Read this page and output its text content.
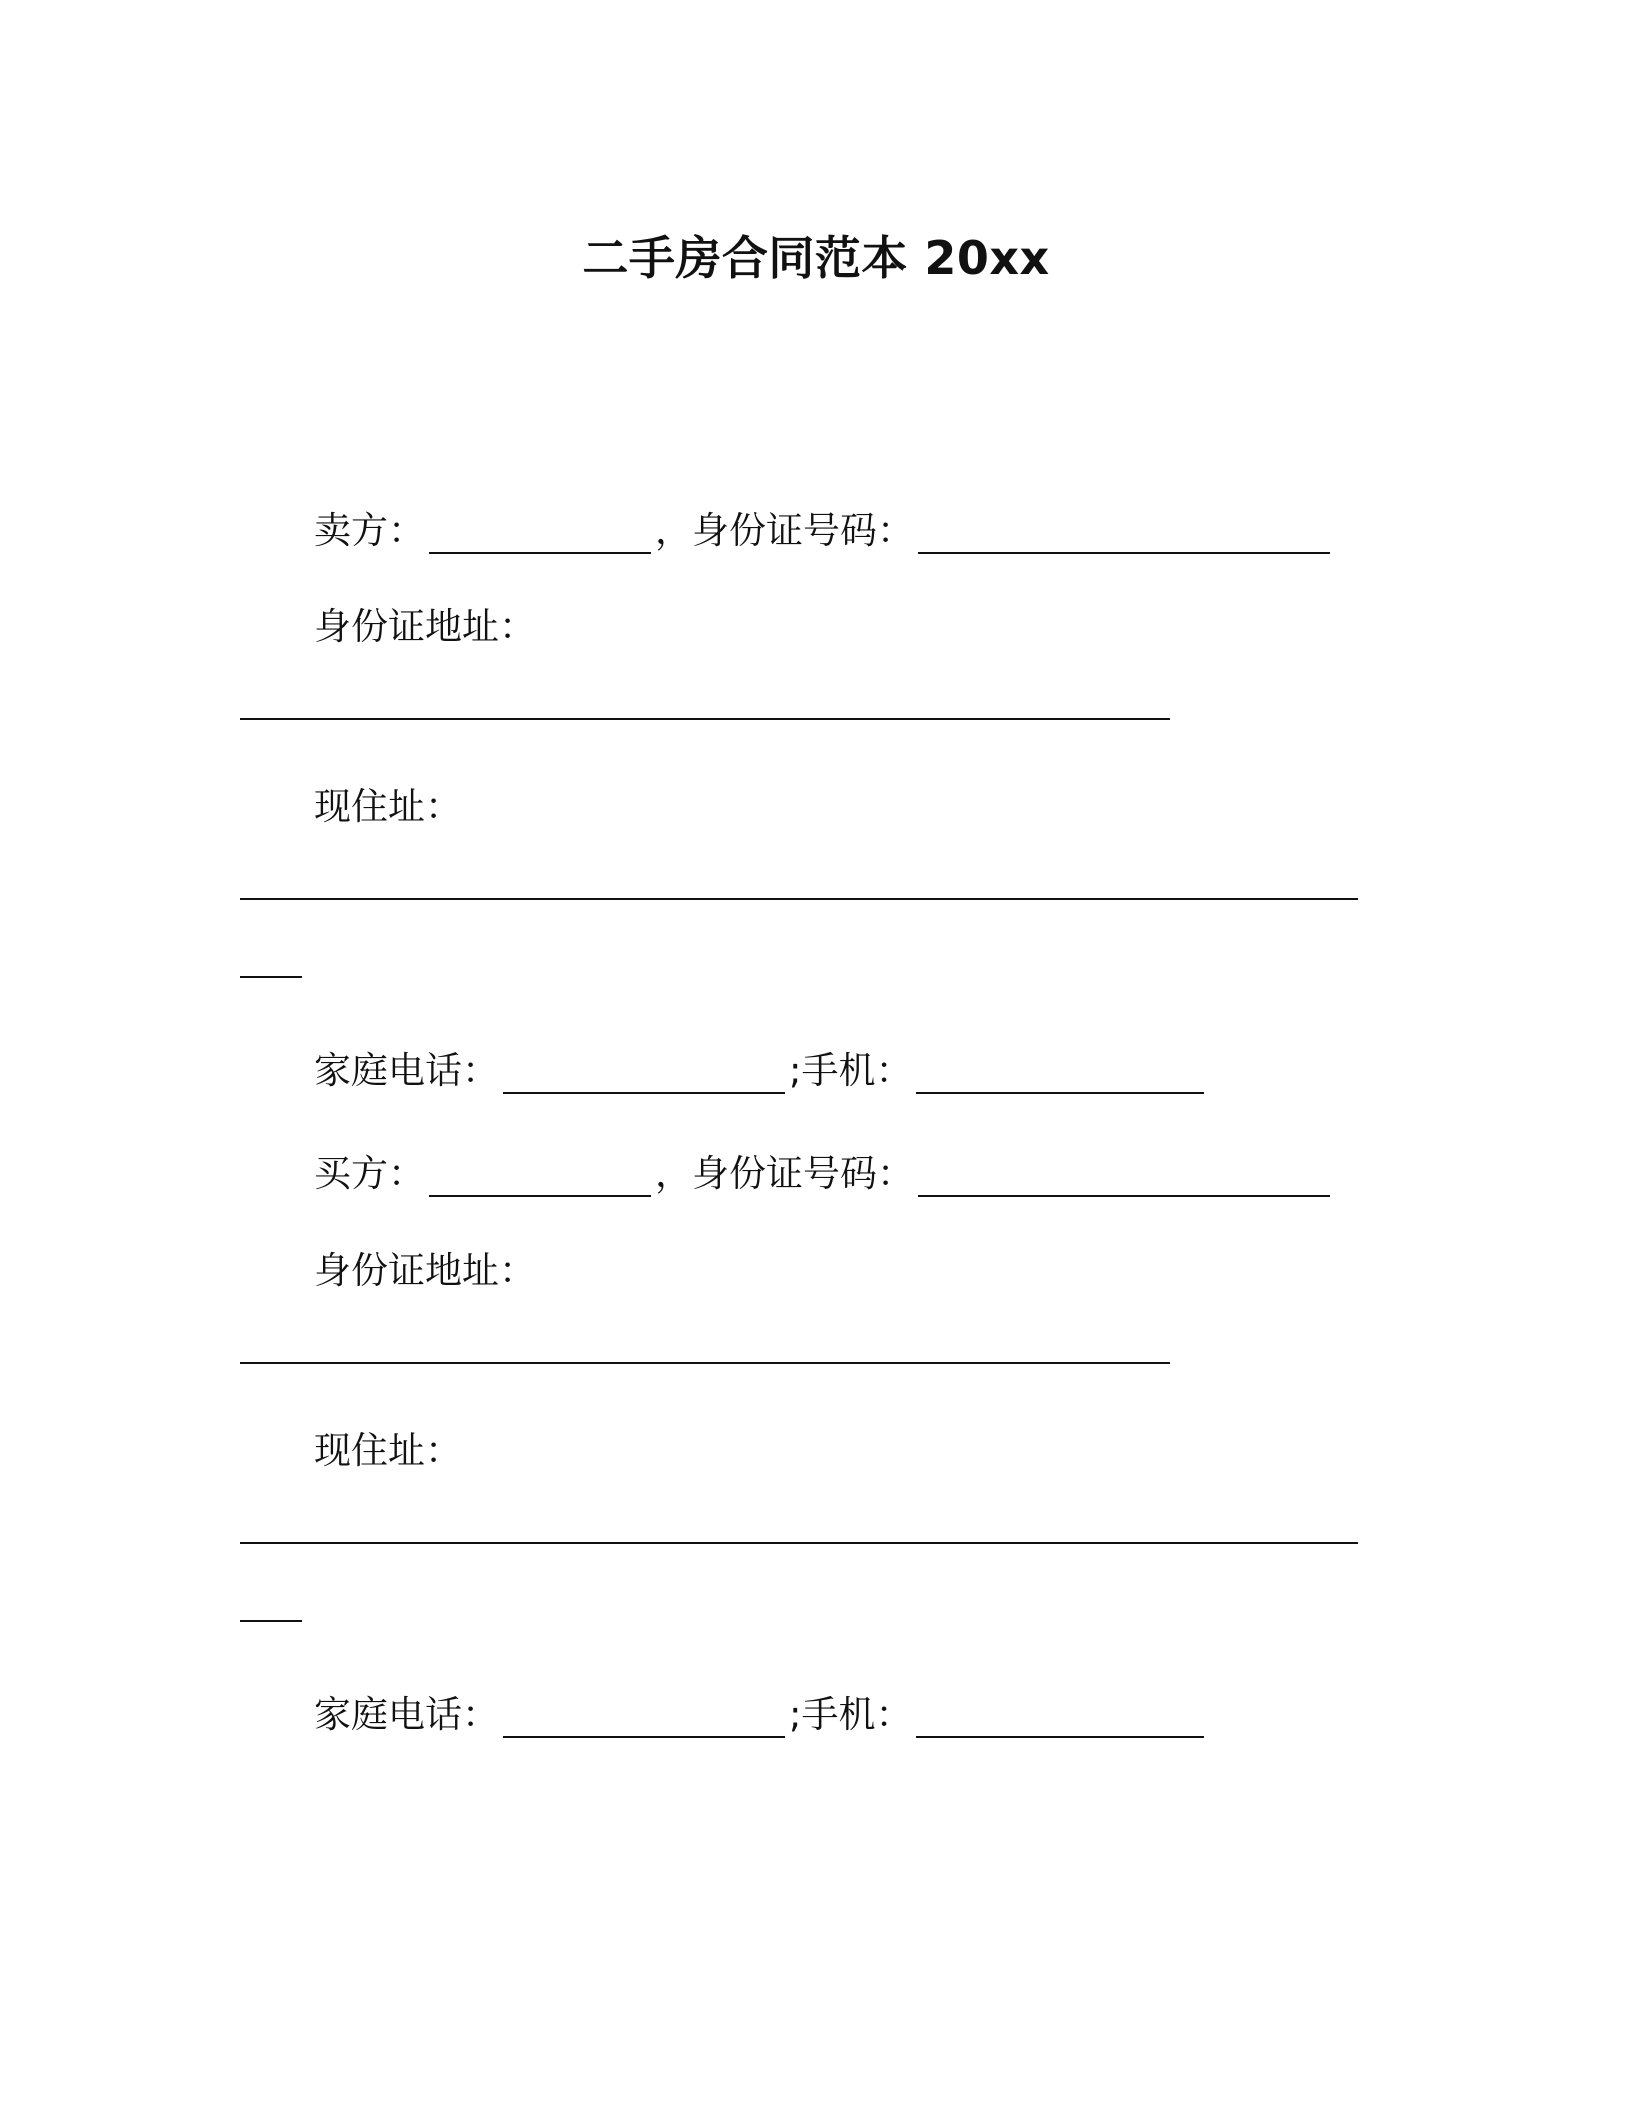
二手房合同范本 20xx
卖方：	，身份证号码：
身份证地址：
现住址：
家庭电话：	;手机：
买方：	，身份证号码：
身份证地址：
现住址：
家庭电话：	;手机：
